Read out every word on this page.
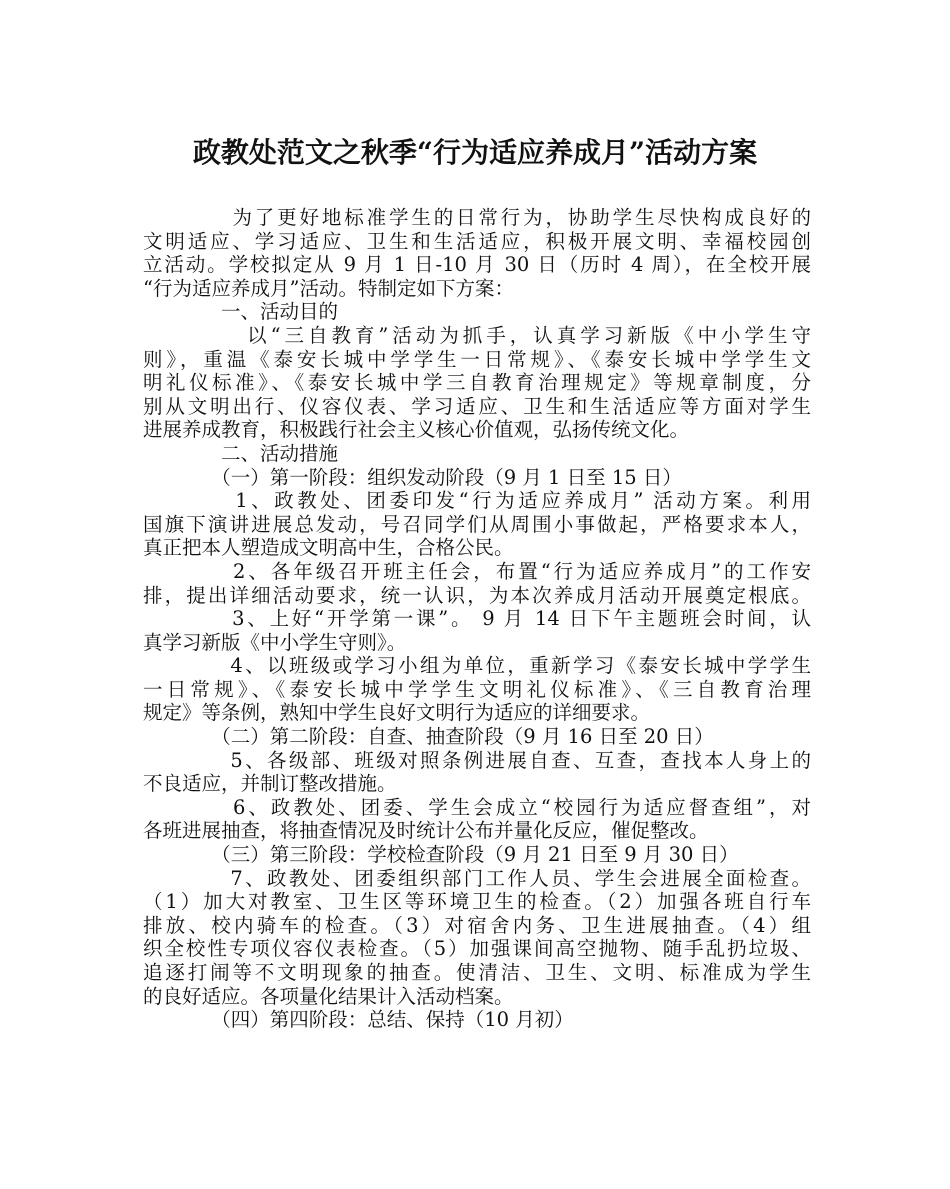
政教处范文之秋季“行为适应养成月”活动方案
　　　　为了更好地标准学生的日常行为，协助学生尽快构成良好的
文明适应、学习适应、卫生和生活适应，积极开展文明、幸福校园创
立活动。学校拟定从 9 月 1 日-10 月 30 日（历时 4 周），在全校开展
“行为适应养成月”活动。特制定如下方案：
　　　　一、活动目的
　　　　 以“三自教育”活动为抓手，认真学习新版《中小学生守
则》，重温《泰安长城中学学生一日常规》、《泰安长城中学学生文
明礼仪标准》、《泰安长城中学三自教育治理规定》等规章制度，分
别从文明出行、仪容仪表、学习适应、卫生和生活适应等方面对学生
进展养成教育，积极践行社会主义核心价值观，弘扬传统文化。
　　　　二、活动措施
　　　　（一）第一阶段：组织发动阶段（9 月 1 日至 15 日）
　　　　1、政教处、团委印发“行为适应养成月” 活动方案。利用
国旗下演讲进展总发动，号召同学们从周围小事做起，严格要求本人，
真正把本人塑造成文明高中生，合格公民。
　　　　2、各年级召开班主任会，布置“行为适应养成月”的工作安
排，提出详细活动要求，统一认识，为本次养成月活动开展奠定根底。
　　　　3、上好“开学第一课”。 9 月 14 日下午主题班会时间，认
真学习新版《中小学生守则》。
　　　　4、以班级或学习小组为单位，重新学习《泰安长城中学学生
一日常规》、《泰安长城中学学生文明礼仪标准》、《三自教育治理
规定》等条例，熟知中学生良好文明行为适应的详细要求。
　　　　（二）第二阶段：自查、抽查阶段（9 月 16 日至 20 日）
　　　　5、各级部、班级对照条例进展自查、互查，查找本人身上的
不良适应，并制订整改措施。
　　　　6、政教处、团委、学生会成立“校园行为适应督查组”，对
各班进展抽查，将抽查情况及时统计公布并量化反应，催促整改。
　　　　（三）第三阶段：学校检查阶段（9 月 21 日至 9 月 30 日）
　　　　7、政教处、团委组织部门工作人员、学生会进展全面检查。
（1）加大对教室、卫生区等环境卫生的检查。（2）加强各班自行车
排放、校内骑车的检查。（3）对宿舍内务、卫生进展抽查。（4）组
织全校性专项仪容仪表检查。（5）加强课间高空抛物、随手乱扔垃圾、
追逐打闹等不文明现象的抽查。使清洁、卫生、文明、标准成为学生
的良好适应。各项量化结果计入活动档案。
　　　　（四）第四阶段：总结、保持（10 月初）
